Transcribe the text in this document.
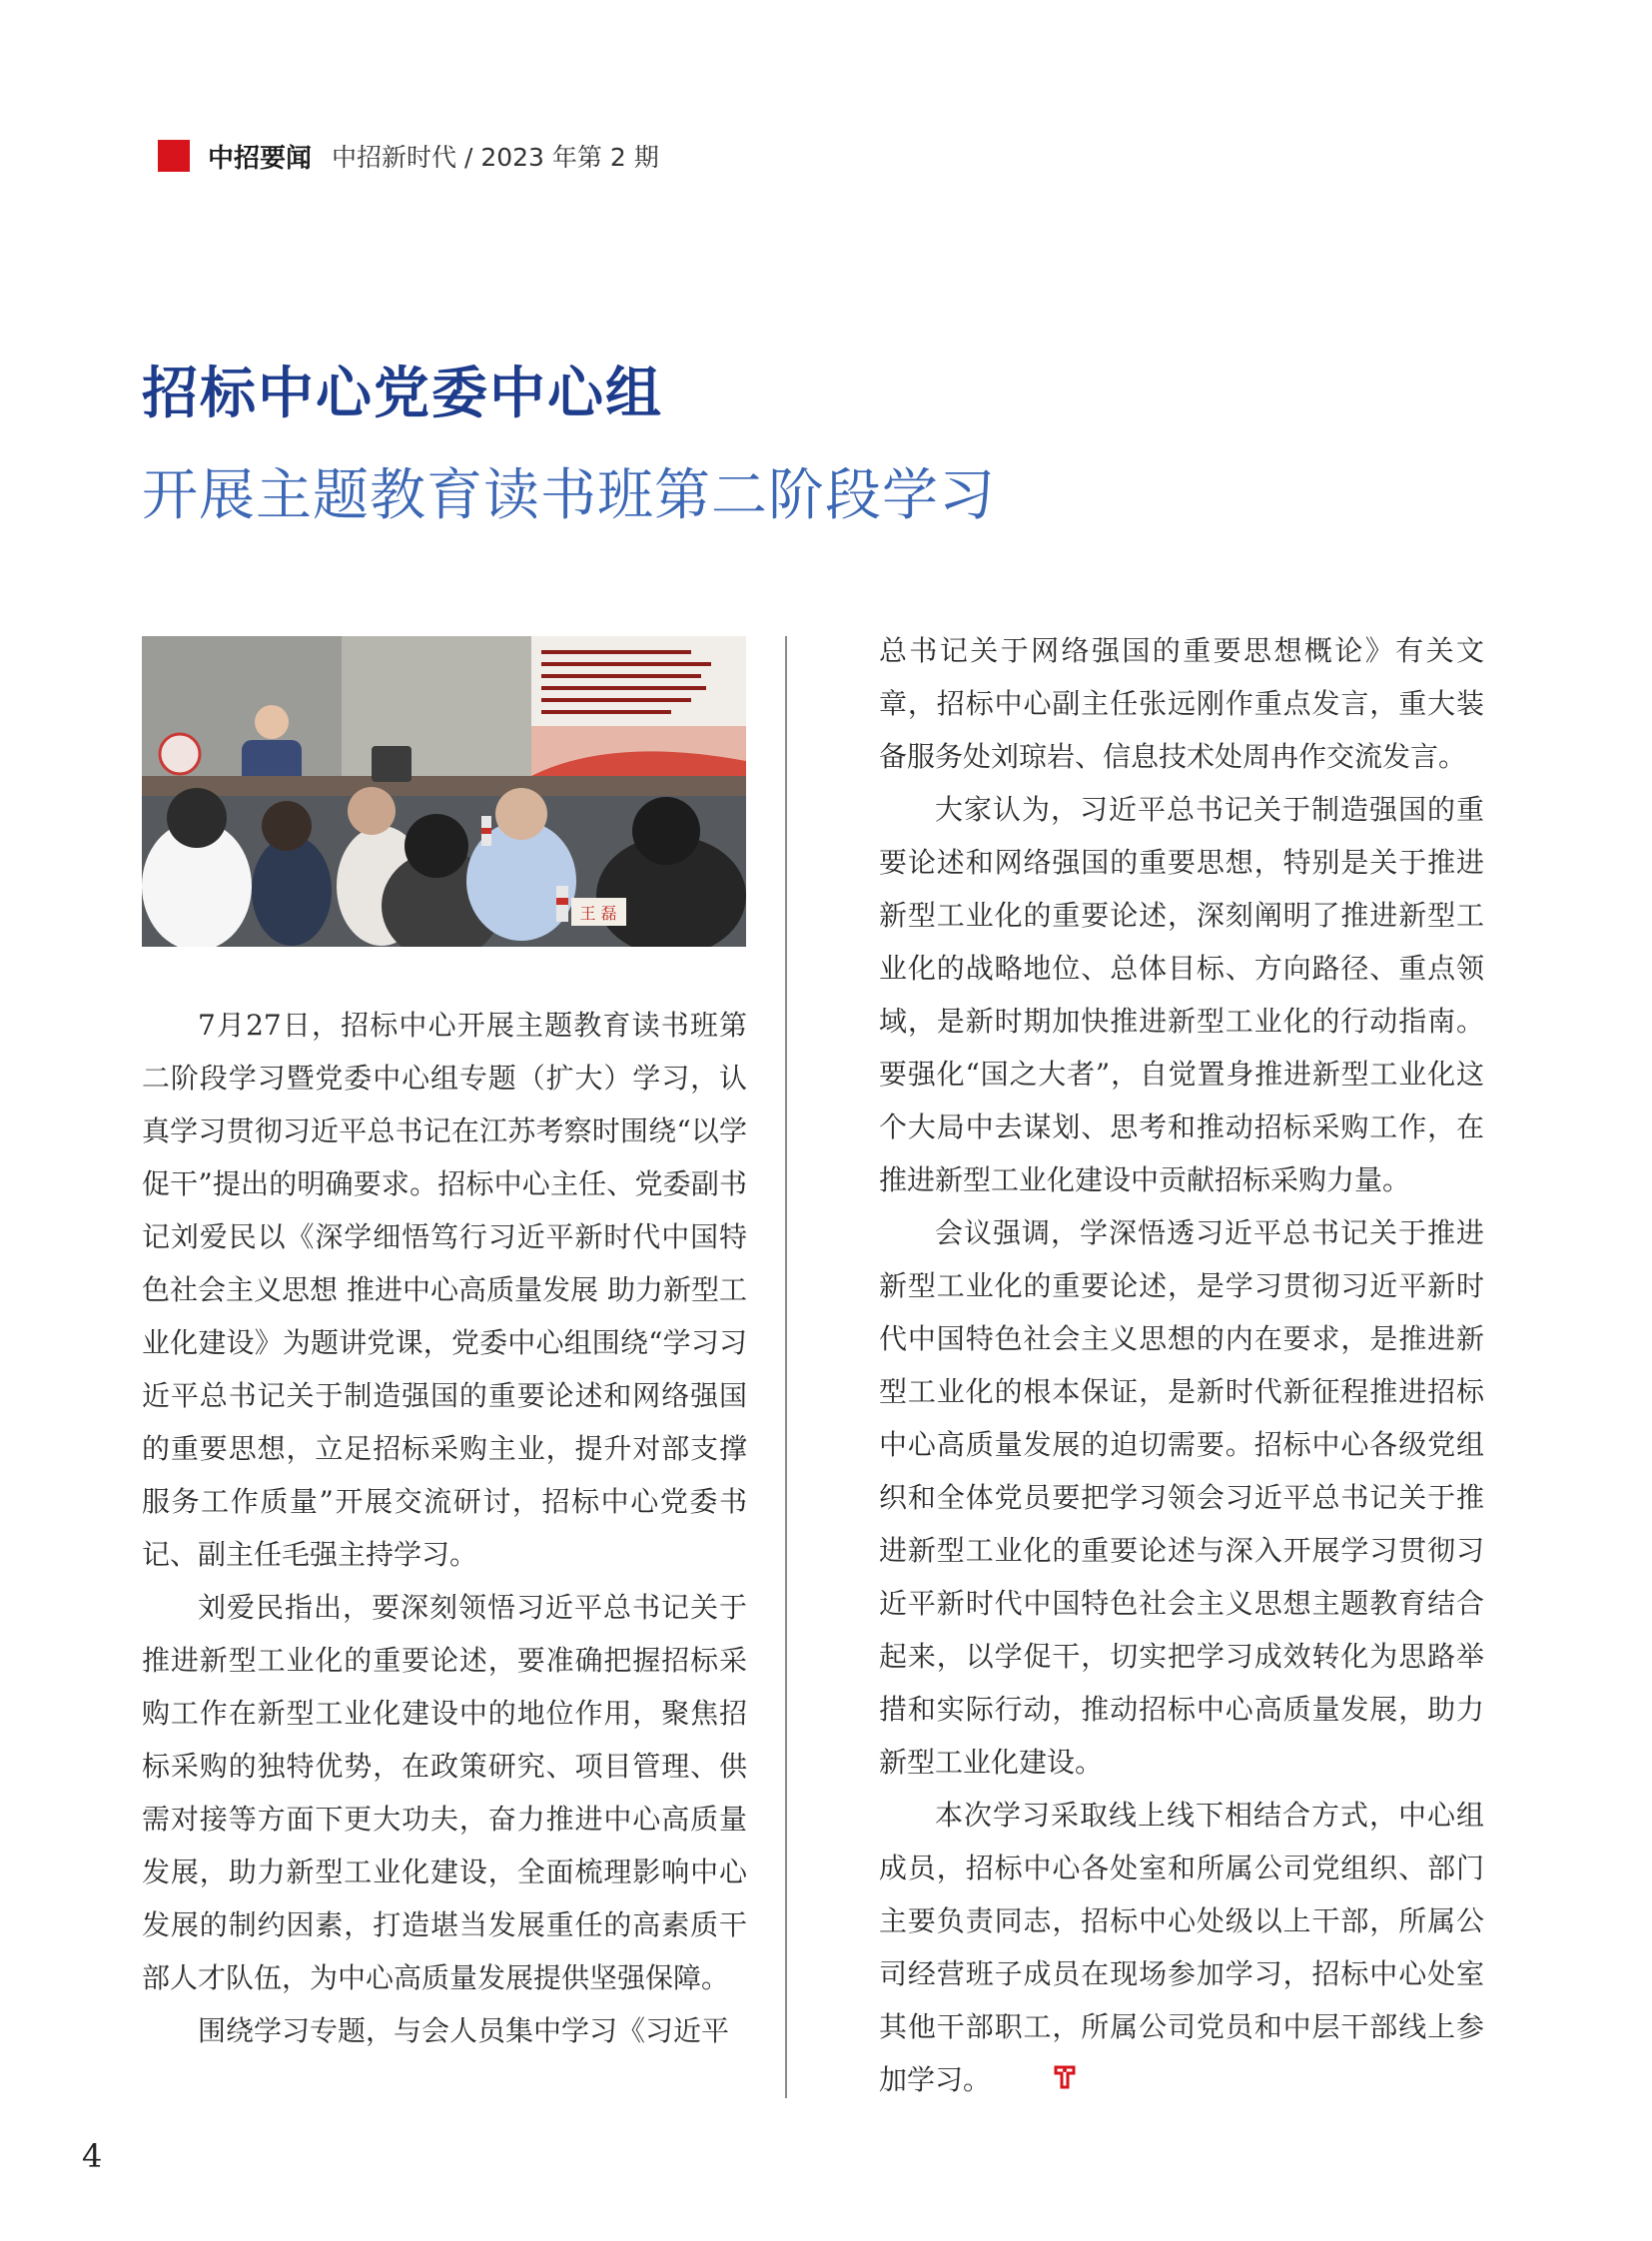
中招要闻 中招新时代 / 2023 年第 2 期
招标中心党委中心组
开展主题教育读书班第二阶段学习
王 磊

7月27日，招标中心开展主题教育读书班第二阶段学习暨党委中心组专题（扩大）学习，认真学习贯彻习近平总书记在江苏考察时围绕“以学促干”提出的明确要求。招标中心主任、党委副书记刘爱民以《深学细悟笃行习近平新时代中国特色社会主义思想 推进中心高质量发展 助力新型工业化建设》为题讲党课，党委中心组围绕“学习习近平总书记关于制造强国的重要论述和网络强国的重要思想，立足招标采购主业，提升对部支撑服务工作质量”开展交流研讨，招标中心党委书记、副主任毛强主持学习。

刘爱民指出，要深刻领悟习近平总书记关于推进新型工业化的重要论述，要准确把握招标采购工作在新型工业化建设中的地位作用，聚焦招标采购的独特优势，在政策研究、项目管理、供需对接等方面下更大功夫，奋力推进中心高质量发展，助力新型工业化建设，全面梳理影响中心发展的制约因素，打造堪当发展重任的高素质干部人才队伍，为中心高质量发展提供坚强保障。

围绕学习专题，与会人员集中学习《习近平

总书记关于网络强国的重要思想概论》有关文章，招标中心副主任张远刚作重点发言，重大装备服务处刘琼岩、信息技术处周冉作交流发言。

大家认为，习近平总书记关于制造强国的重要论述和网络强国的重要思想，特别是关于推进新型工业化的重要论述，深刻阐明了推进新型工业化的战略地位、总体目标、方向路径、重点领域，是新时期加快推进新型工业化的行动指南。要强化“国之大者”，自觉置身推进新型工业化这个大局中去谋划、思考和推动招标采购工作，在推进新型工业化建设中贡献招标采购力量。

会议强调，学深悟透习近平总书记关于推进新型工业化的重要论述，是学习贯彻习近平新时代中国特色社会主义思想的内在要求，是推进新型工业化的根本保证，是新时代新征程推进招标中心高质量发展的迫切需要。招标中心各级党组织和全体党员要把学习领会习近平总书记关于推进新型工业化的重要论述与深入开展学习贯彻习近平新时代中国特色社会主义思想主题教育结合起来，以学促干，切实把学习成效转化为思路举措和实际行动，推动招标中心高质量发展，助力新型工业化建设。

本次学习采取线上线下相结合方式，中心组成员，招标中心各处室和所属公司党组织、部门主要负责同志，招标中心处级以上干部，所属公司经营班子成员在现场参加学习，招标中心处室其他干部职工，所属公司党员和中层干部线上参加学习。

4
